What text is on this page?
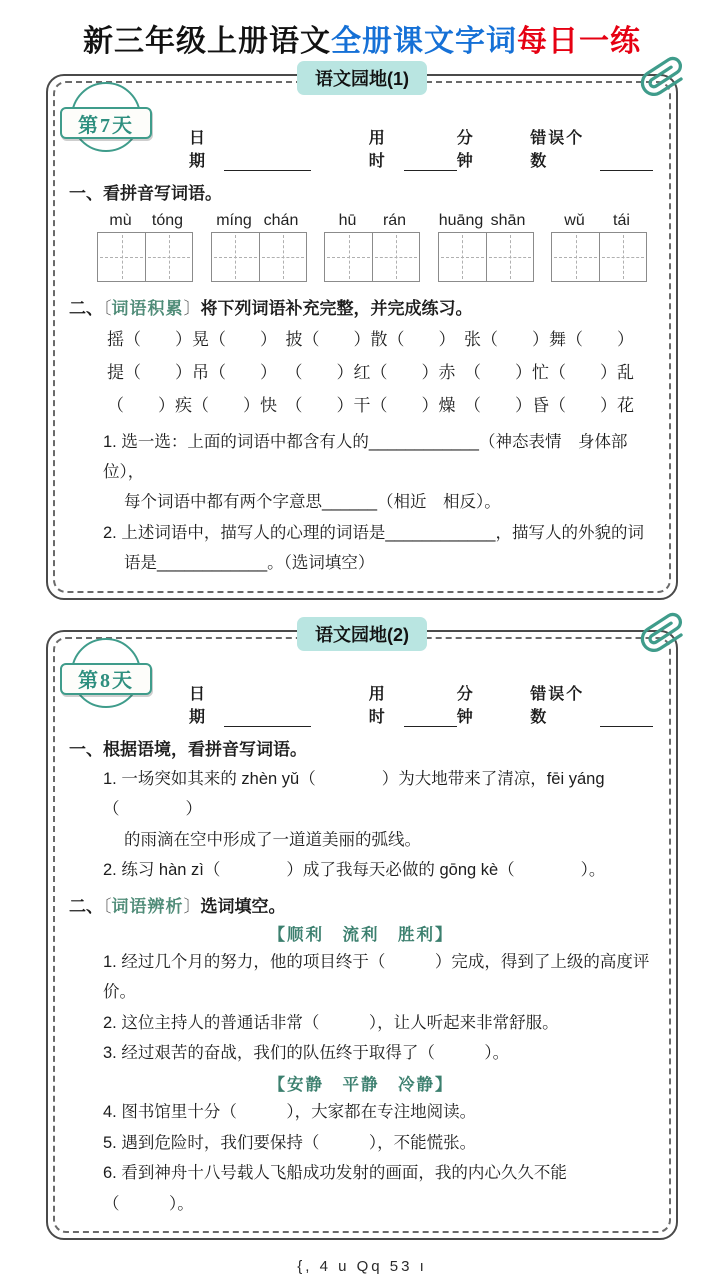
新三年级上册语文全册课文字词每日一练
第7天
语文园地(1)
日期
用时
分钟
错误个数
一、看拼音写词语。
mù	tóng	míng chán	hū	rán	huāng shān	wǔ	tái
二、〔词语积累〕将下列词语补充完整，并完成练习。
摇（　　）晃（　　） 披（　　）散（　　） 张（　　）舞（　　）
提（　　）吊（　　） （　　）红（　　）赤 （　　）忙（　　）乱
（　　）疾（　　）快 （　　）干（　　）燥 （　　）昏（　　）花
1. 选一选：上面的词语中都含有人的____________（神态表情　身体部位），
每个词语中都有两个字意思______（相近　相反）。
2. 上述词语中，描写人的心理的词语是____________，描写人的外貌的词
语是____________。（选词填空）
第8天
语文园地(2)
日期
用时
分钟
错误个数
一、根据语境，看拼音写词语。
1. 一场突如其来的 zhèn yǔ（　　　　）为大地带来了清凉，fēi yáng（　　　　）
的雨滴在空中形成了一道道美丽的弧线。
2. 练习 hàn zì（　　　　）成了我每天必做的 gōng kè（　　　　）。
二、〔词语辨析〕选词填空。
【顺利　流利　胜利】
1. 经过几个月的努力，他的项目终于（　　　）完成，得到了上级的高度评价。
2. 这位主持人的普通话非常（　　　），让人听起来非常舒服。
3. 经过艰苦的奋战，我们的队伍终于取得了（　　　）。
【安静　平静　冷静】
4. 图书馆里十分（　　　），大家都在专注地阅读。
5. 遇到危险时，我们要保持（　　　），不能慌张。
6. 看到神舟十八号载人飞船成功发射的画面，我的内心久久不能（　　　）。
{, 4 u Qq 53 ı
